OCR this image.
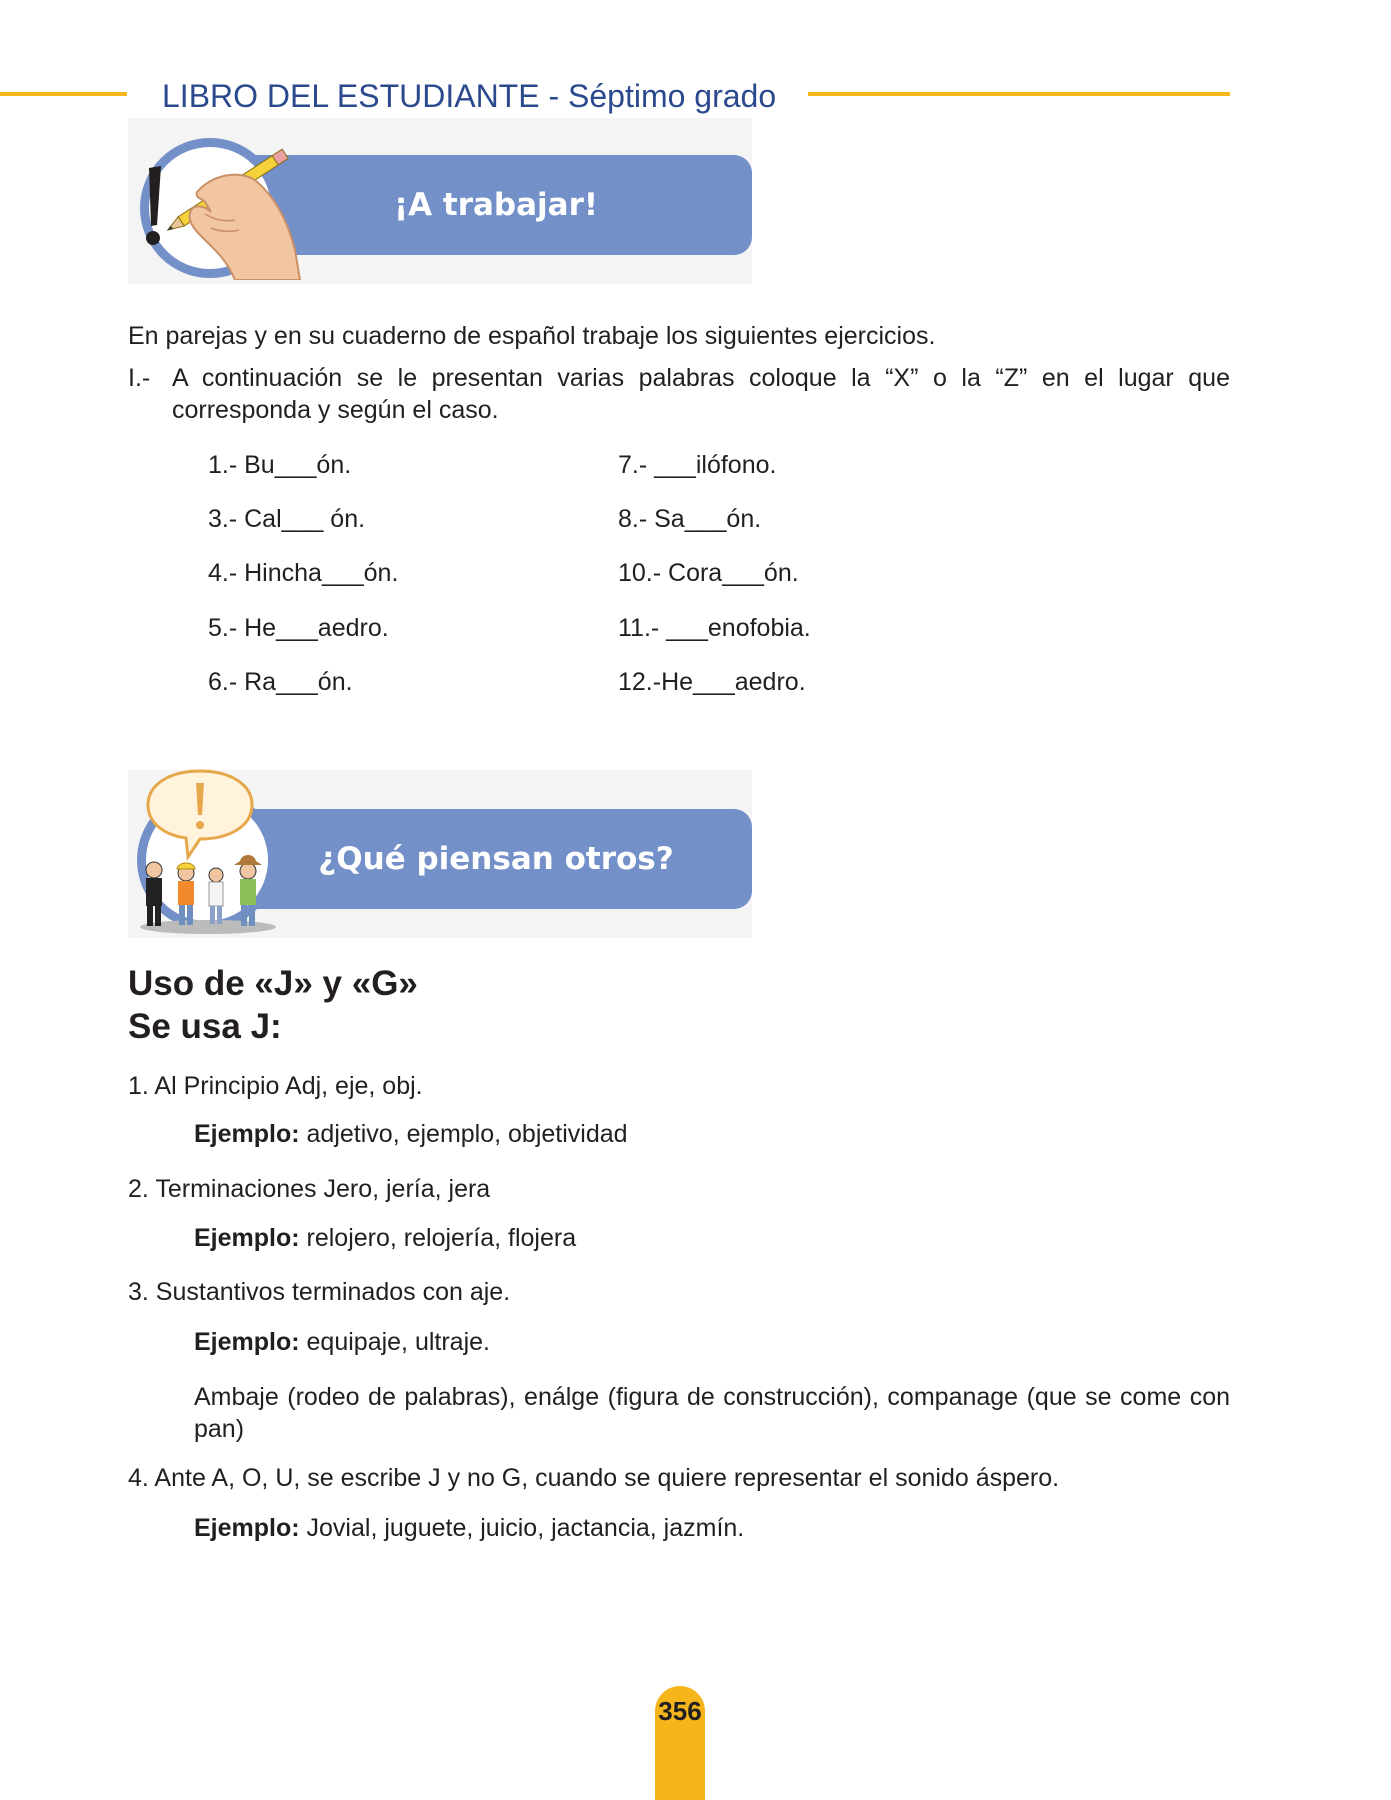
LIBRO DEL ESTUDIANTE - Séptimo grado
¡A trabajar!
En parejas y en su cuaderno de español trabaje los siguientes ejercicios.
I.- A continuación se le presentan varias palabras coloque la “X” o la “Z” en el lugar que corresponda y según el caso.
1.- Bu___ón.
3.- Cal___ ón.
4.- Hincha___ón.
5.- He___aedro.
6.- Ra___ón.
7.- ___ilófono.
8.- Sa___ón.
10.- Cora___ón.
11.- ___enofobia.
12.-He___aedro.
¿Qué piensan otros?
Uso de «J» y «G»
Se usa J:
1. Al Principio Adj, eje, obj.
Ejemplo: adjetivo, ejemplo, objetividad
2. Terminaciones Jero, jería, jera
Ejemplo: relojero, relojería, flojera
3. Sustantivos terminados con aje.
Ejemplo: equipaje, ultraje.
Ambaje (rodeo de palabras), enálge (figura de construcción), companage (que se come con pan)
4. Ante A, O, U, se escribe J y no G, cuando se quiere representar el sonido áspero.
Ejemplo: Jovial, juguete, juicio, jactancia, jazmín.
356
